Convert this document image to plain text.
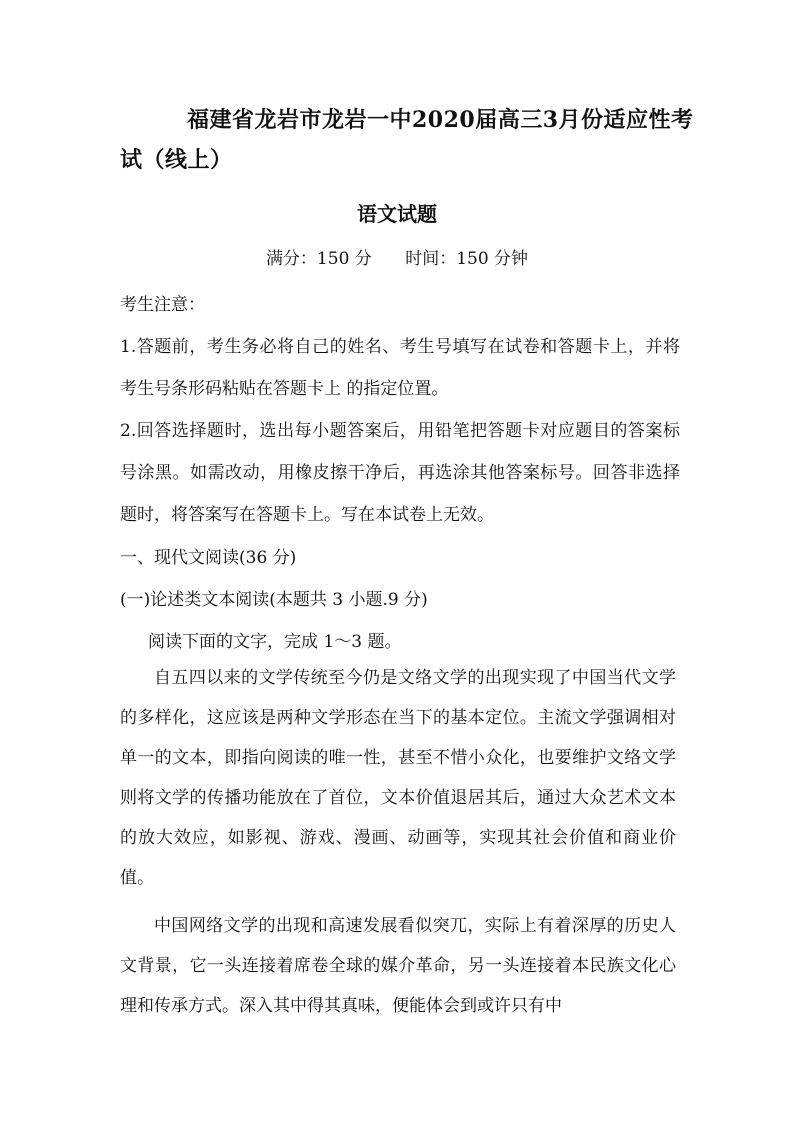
福建省龙岩市龙岩一中2020届高三3月份适应性考
试（线上）
语文试题
满分：150 分 时间：150 分钟
考生注意：
1.答题前，考生务必将自己的姓名、考生号填写在试卷和答题卡上，并将考生号条形码粘贴在答题卡上 的指定位置。
2.回答选择题时，选出每小题答案后，用铅笔把答题卡对应题目的答案标号涂黑。如需改动，用橡皮擦干净后，再选涂其他答案标号。回答非选择题时，将答案写在答题卡上。写在本试卷上无效。
一、现代文阅读(36 分)
(一)论述类文本阅读(本题共 3 小题.9 分)
阅读下面的文字，完成 1～3 题。
自五四以来的文学传统至今仍是文络文学的出现实现了中国当代文学的多样化，这应该是两种文学形态在当下的基本定位。主流文学强调相对单一的文本，即指向阅读的唯一性，甚至不惜小众化，也要维护文络文学则将文学的传播功能放在了首位，文本价值退居其后，通过大众艺术文本的放大效应，如影视、游戏、漫画、动画等，实现其社会价值和商业价值。
中国网络文学的出现和高速发展看似突兀，实际上有着深厚的历史人文背景，它一头连接着席卷全球的媒介革命，另一头连接着本民族文化心理和传承方式。深入其中得其真味，便能体会到或许只有中
